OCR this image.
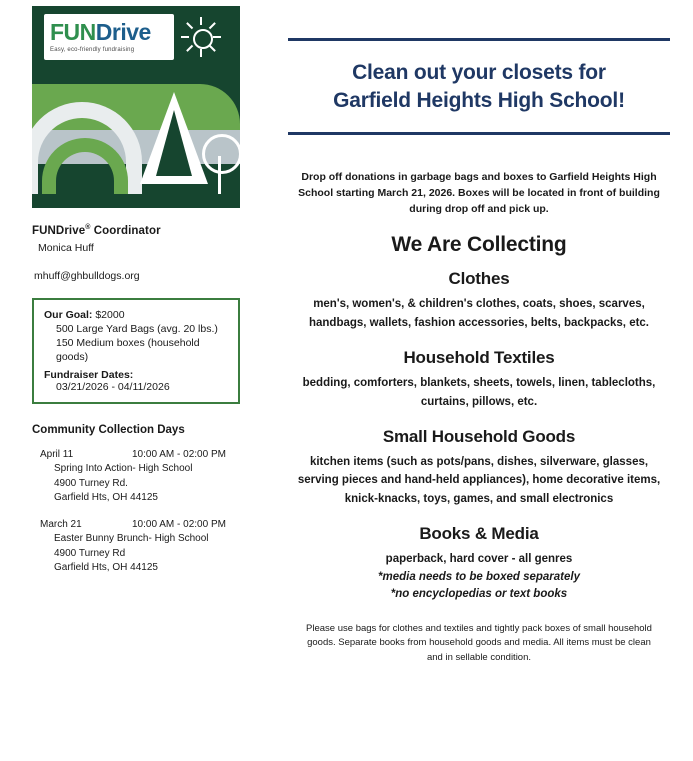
FUNDrive
Easy, eco-friendly fundraising
FUNDrive® Coordinator
Monica Huff
mhuff@ghbulldogs.org
Our Goal: $2000
500 Large Yard Bags (avg. 20 lbs.)
150 Medium boxes (household goods)
Fundraiser Dates:
03/21/2026 - 04/11/2026
Community Collection Days
April 11	10:00 AM - 02:00 PM
Spring Into Action- High School
4900 Turney Rd.
Garfield Hts, OH 44125
March 21	10:00 AM - 02:00 PM
Easter Bunny Brunch- High School
4900 Turney Rd
Garfield Hts, OH 44125
Clean out your closets for
Garfield Heights High School!
Drop off donations in garbage bags and boxes to Garfield Heights High School starting March 21, 2026. Boxes will be located in front of building during drop off and pick up.
We Are Collecting
Clothes
men's, women's, & children's clothes, coats, shoes, scarves, handbags, wallets, fashion accessories, belts, backpacks, etc.
Household Textiles
bedding, comforters, blankets, sheets, towels, linen, tablecloths, curtains, pillows, etc.
Small Household Goods
kitchen items (such as pots/pans, dishes, silverware, glasses, serving pieces and hand-held appliances), home decorative items, knick-knacks, toys, games, and small electronics
Books & Media
paperback, hard cover - all genres
*media needs to be boxed separately
*no encyclopedias or text books
Please use bags for clothes and textiles and tightly pack boxes of small household goods. Separate books from household goods and media. All items must be clean and in sellable condition.
